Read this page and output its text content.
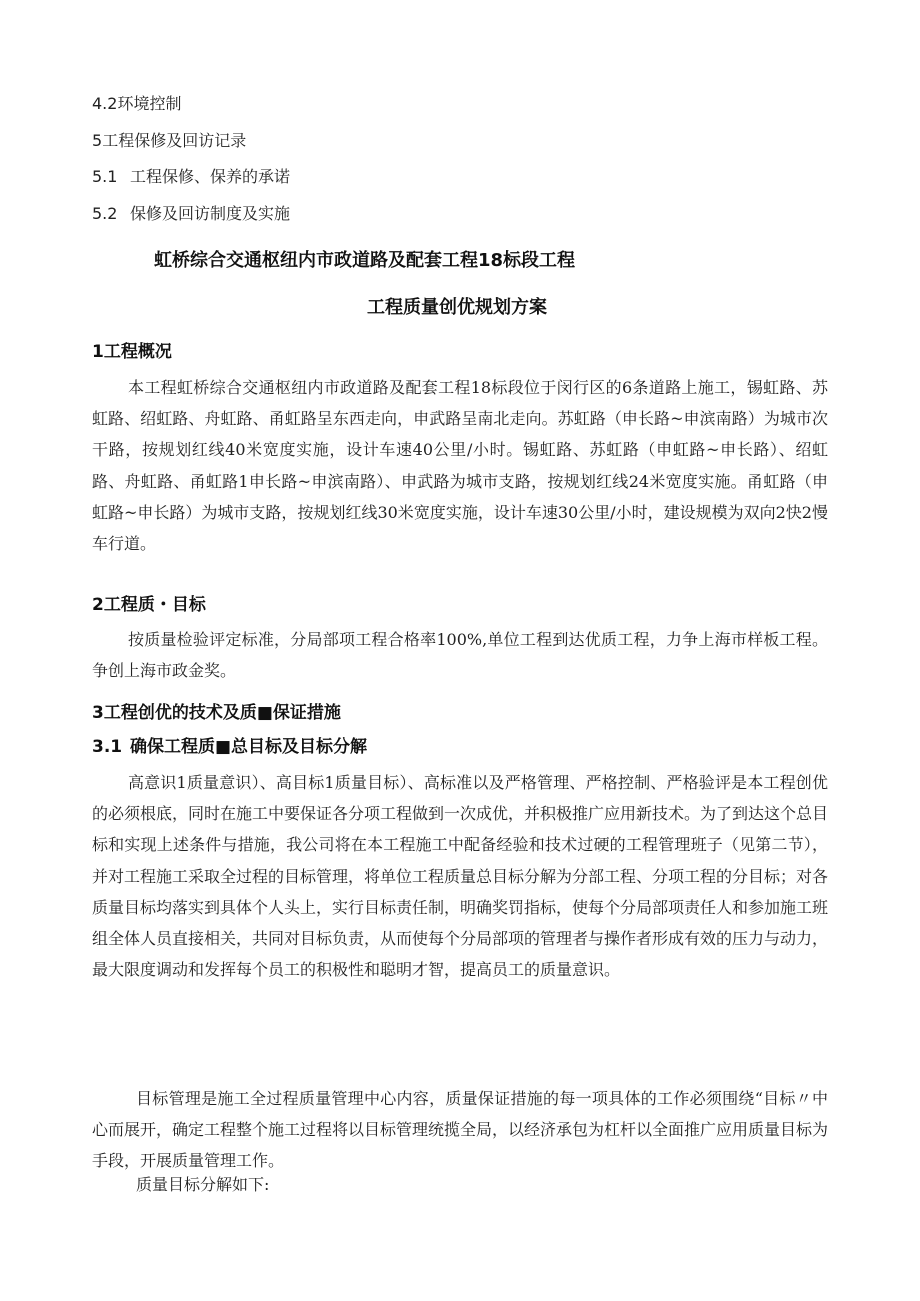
4.2环境控制
5工程保修及回访记录
5.1 工程保修、保养的承诺
5.2 保修及回访制度及实施
虹桥综合交通枢纽内市政道路及配套工程18标段工程
工程质量创优规划方案
1工程概况

本工程虹桥综合交通枢纽内市政道路及配套工程18标段位于闵行区的6条道路上施工，锡虹路、苏虹路、绍虹路、舟虹路、甬虹路呈东西走向，申武路呈南北走向。苏虹路（申长路~申滨南路）为城市次干路，按规划红线40米宽度实施，设计车速40公里/小时。锡虹路、苏虹路（申虹路~申长路）、绍虹路、舟虹路、甬虹路1申长路~申滨南路）、申武路为城市支路，按规划红线24米宽度实施。甬虹路（申虹路~申长路）为城市支路，按规划红线30米宽度实施，设计车速30公里/小时，建设规模为双向2快2慢车行道。

2工程质・目标

按质量检验评定标准，分局部项工程合格率100%,单位工程到达优质工程，力争上海市样板工程。争创上海市政金奖。

3工程创优的技术及质■保证措施
3.1 确保工程质■总目标及目标分解

高意识1质量意识）、高目标1质量目标）、高标准以及严格管理、严格控制、严格验评是本工程创优的必须根底，同时在施工中要保证各分项工程做到一次成优，并积极推广应用新技术。为了到达这个总目标和实现上述条件与措施，我公司将在本工程施工中配备经验和技术过硬的工程管理班子（见第二节），并对工程施工采取全过程的目标管理，将单位工程质量总目标分解为分部工程、分项工程的分目标；对各质量目标均落实到具体个人头上，实行目标责任制，明确奖罚指标，使每个分局部项责任人和参加施工班组全体人员直接相关，共同对目标负责，从而使每个分局部项的管理者与操作者形成有效的压力与动力，最大限度调动和发挥每个员工的积极性和聪明才智，提高员工的质量意识。

目标管理是施工全过程质量管理中心内容，质量保证措施的每一项具体的工作必须围绕“目标〃中心而展开，确定工程整个施工过程将以目标管理统揽全局，以经济承包为杠杆以全面推广应用质量目标为手段，开展质量管理工作。

质量目标分解如下:
